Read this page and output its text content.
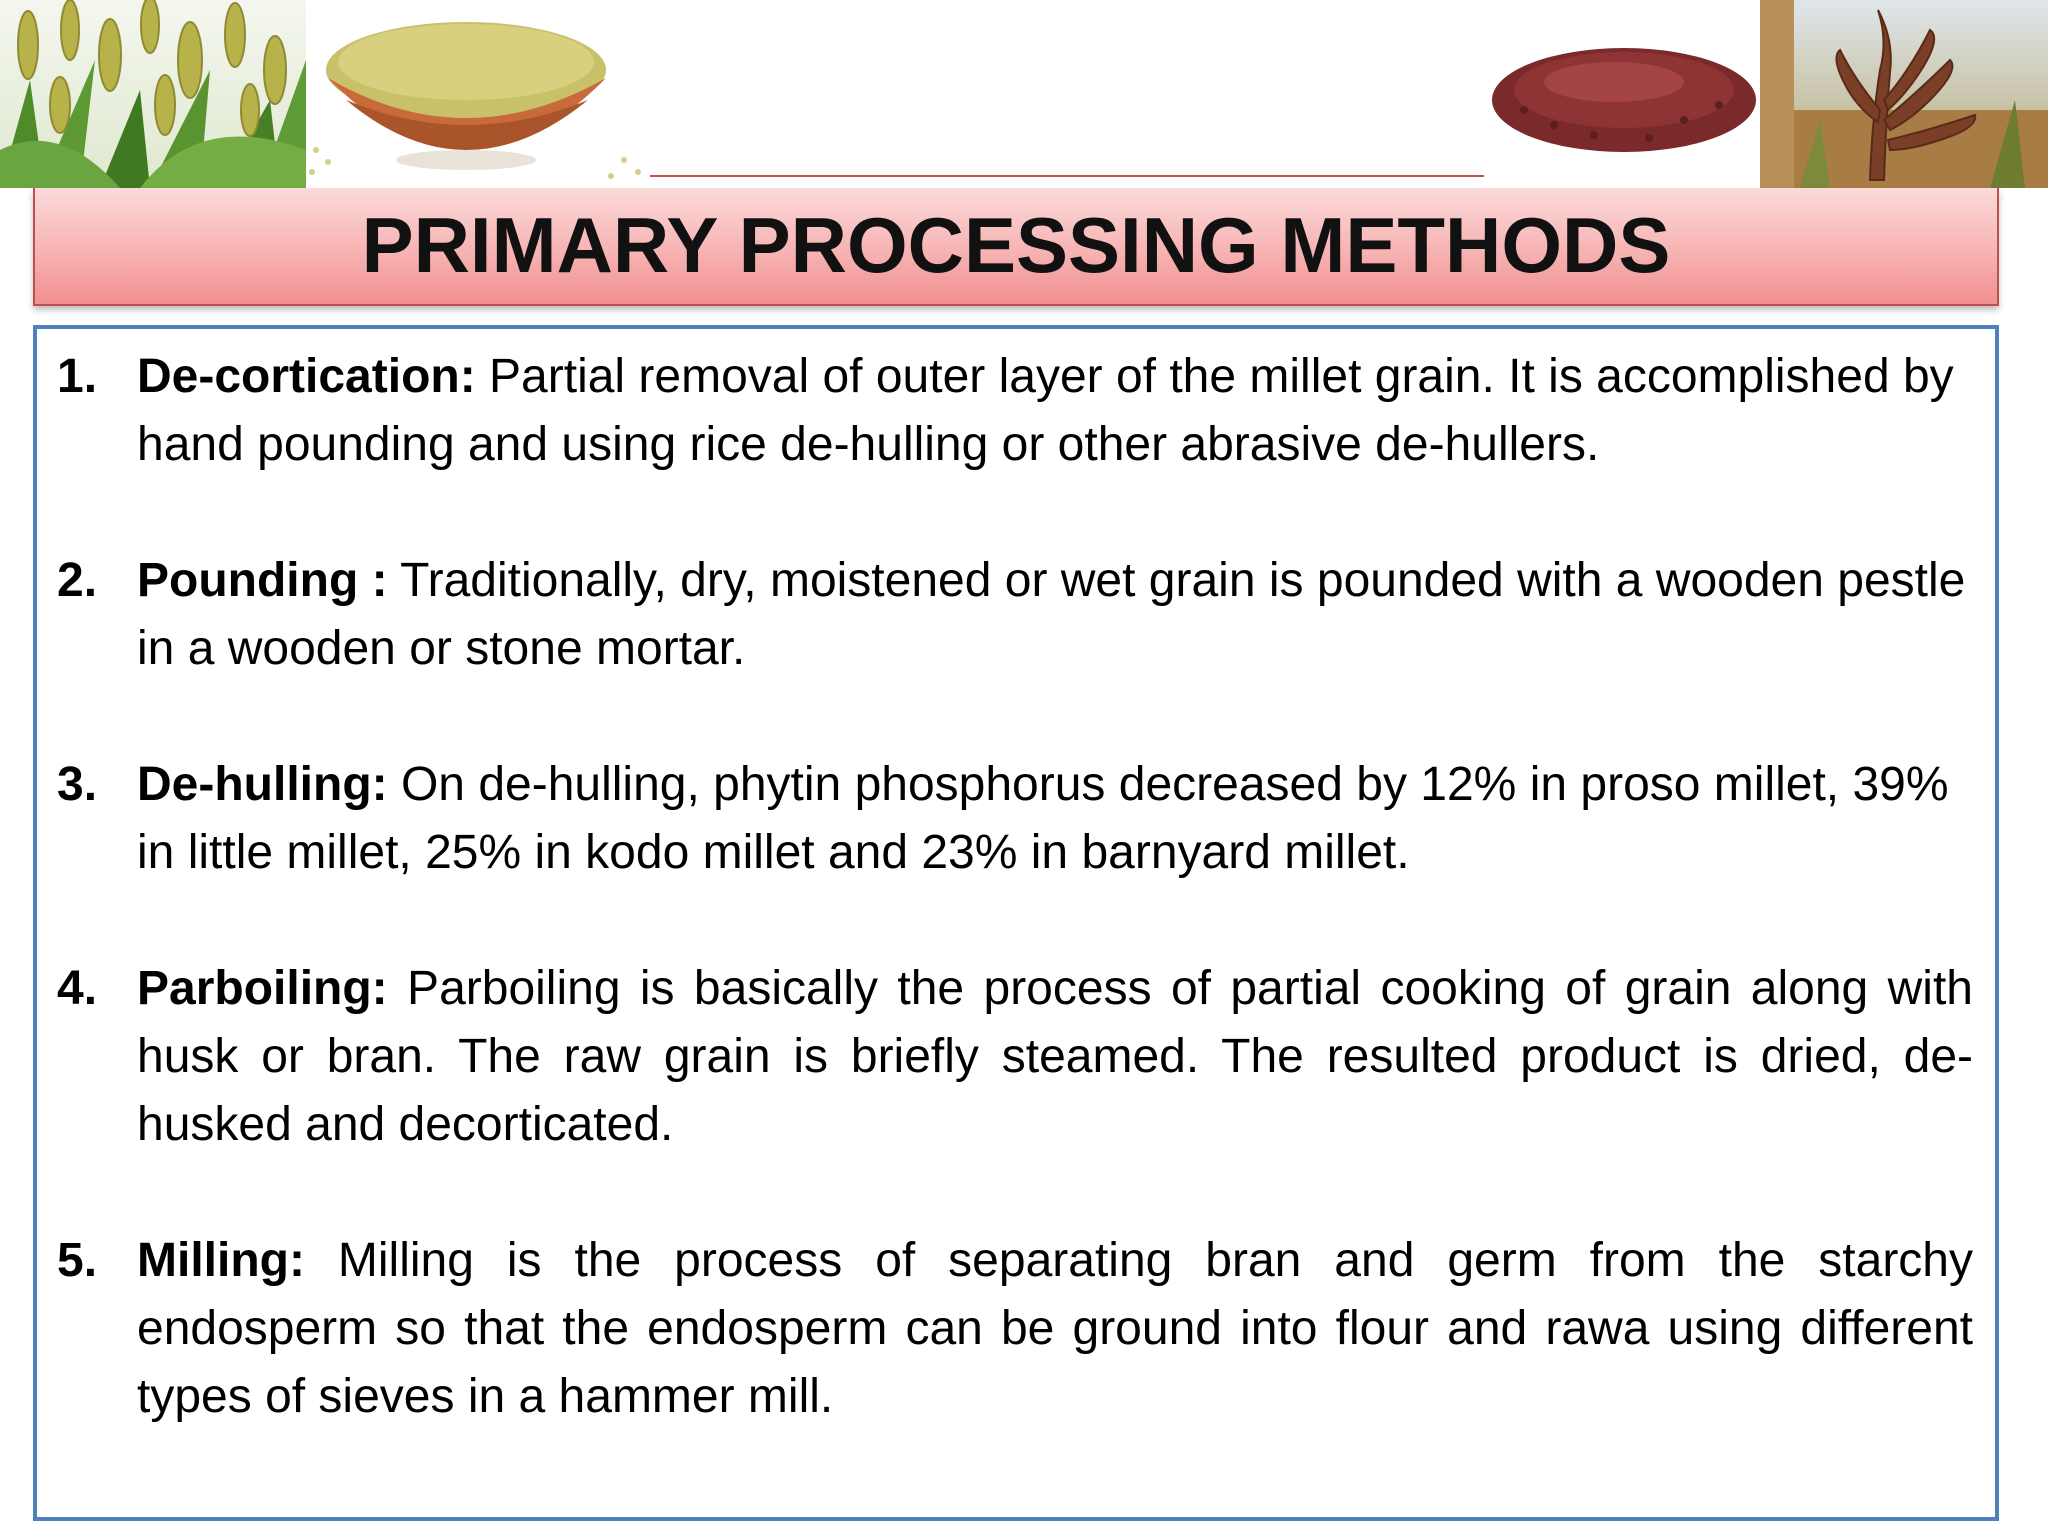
PRIMARY PROCESSING METHODS
1. De-cortication: Partial removal of outer layer of the millet grain. It is accomplished by hand pounding and using rice de-hulling or other abrasive de-hullers.
2. Pounding : Traditionally, dry, moistened or wet grain is pounded with a wooden pestle in a wooden or stone mortar.
3. De-hulling: On de-hulling, phytin phosphorus decreased by 12% in proso millet, 39% in little millet, 25% in kodo millet and 23% in barnyard millet.
4. Parboiling: Parboiling is basically the process of partial cooking of grain along with husk or bran. The raw grain is briefly steamed. The resulted product is dried, de-husked and decorticated.
5. Milling: Milling is the process of separating bran and germ from the starchy endosperm so that the endosperm can be ground into flour and rawa using different types of sieves in a hammer mill.
